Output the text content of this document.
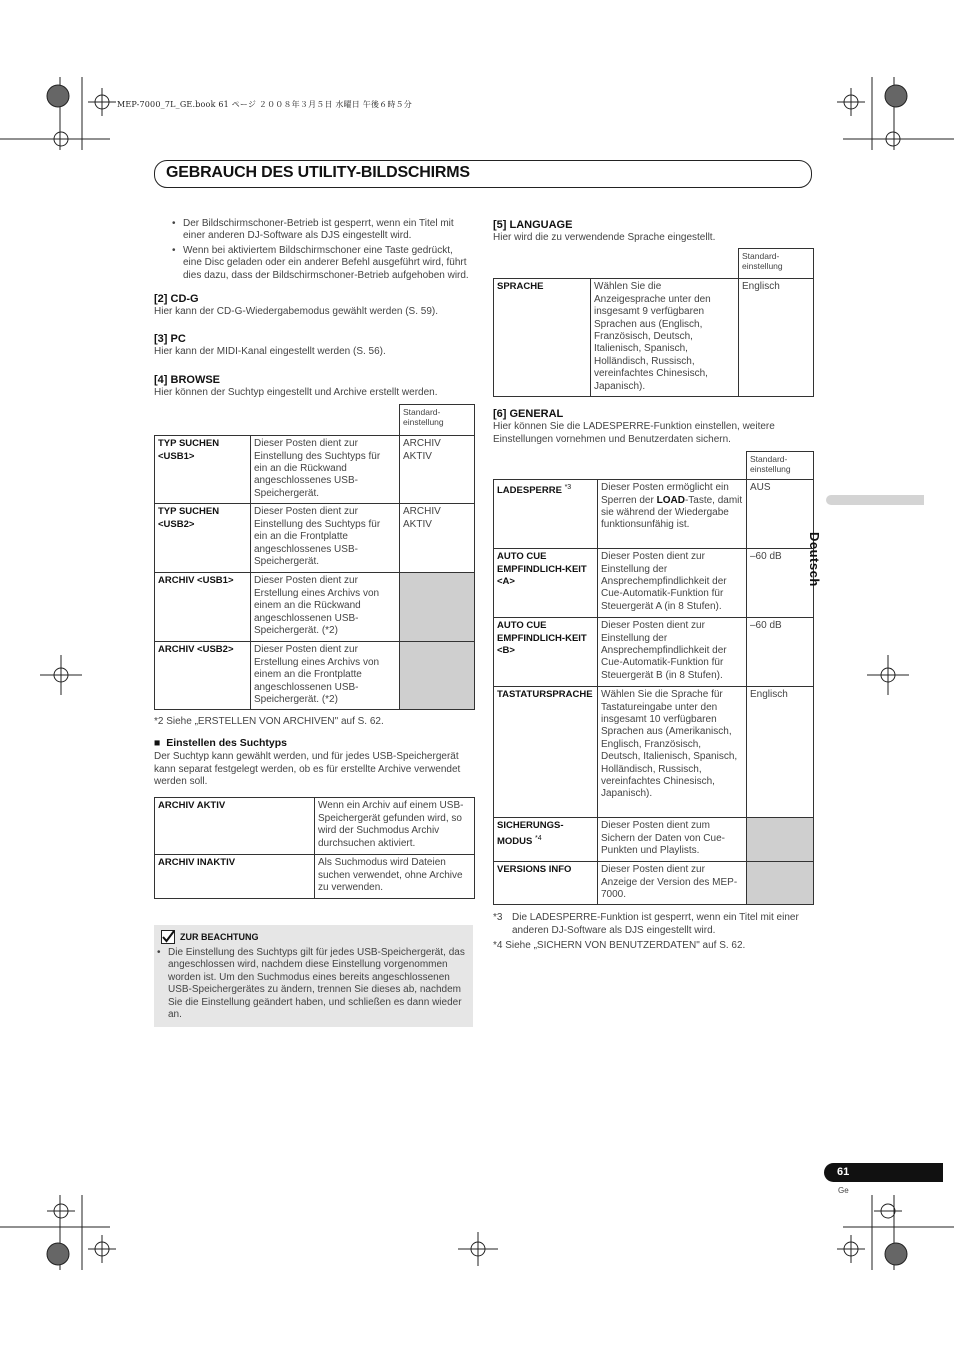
MEP-7000_7L_GE.book 61 ページ ２００８年３月５日 水曜日 午後６時５分
GEBRAUCH DES UTILITY-BILDSCHIRMS
• Der Bildschirmschoner-Betrieb ist gesperrt, wenn ein Titel mit einer anderen DJ-Software als DJS eingestellt wird.
• Wenn bei aktiviertem Bildschirmschoner eine Taste gedrückt, eine Disc geladen oder ein anderer Befehl ausgeführt wird, führt dies dazu, dass der Bildschirmschoner-Betrieb aufgehoben wird.
[2] CD-G

Hier kann der CD-G-Wiedergabemodus gewählt werden (S. 59).

[3] PC

Hier kann der MIDI-Kanal eingestellt werden (S. 56).

[4] BROWSE

Hier können der Suchtyp eingestellt und Archive erstellt werden.

		Standard-einstellung
TYP SUCHEN <USB1>	Dieser Posten dient zur Einstellung des Suchtyps für ein an die Rückwand angeschlossenes USB-Speichergerät.	ARCHIV AKTIV
TYP SUCHEN <USB2>	Dieser Posten dient zur Einstellung des Suchtyps für ein an die Frontplatte angeschlossenes USB-Speichergerät.	ARCHIV AKTIV
ARCHIV <USB1>	Dieser Posten dient zur Erstellung eines Archivs von einem an die Rückwand angeschlossenen USB-Speichergerät. (*2)	
ARCHIV <USB2>	Dieser Posten dient zur Erstellung eines Archivs von einem an die Frontplatte angeschlossenen USB-Speichergerät. (*2)	

*2 Siehe „ERSTELLEN VON ARCHIVEN" auf S. 62.

■  Einstellen des Suchtyps

Der Suchtyp kann gewählt werden, und für jedes USB-Speichergerät kann separat festgelegt werden, ob es für erstellte Archive verwendet werden soll.

ARCHIV AKTIV	Wenn ein Archiv auf einem USB-Speichergerät gefunden wird, so wird der Suchmodus Archiv durchsuchen aktiviert.
ARCHIV INAKTIV	Als Suchmodus wird Dateien suchen verwendet, ohne Archive zu verwenden.
ZUR BEACHTUNG
• Die Einstellung des Suchtyps gilt für jedes USB-Speichergerät, das angeschlossen wird, nachdem diese Einstellung vorgenommen worden ist. Um den Suchmodus eines bereits angeschlossenen USB-Speichergerätes zu ändern, trennen Sie dieses ab, nachdem Sie die Einstellung geändert haben, und schließen es dann wieder an.
[5] LANGUAGE

Hier wird die zu verwendende Sprache eingestellt.

		Standard-einstellung
SPRACHE	Wählen Sie die Anzeigesprache unter den insgesamt 9 verfügbaren Sprachen aus (Englisch, Französisch, Deutsch, Italienisch, Spanisch, Holländisch, Russisch, vereinfachtes Chinesisch, Japanisch).	Englisch
[6] GENERAL

Hier können Sie die LADESPERRE-Funktion einstellen, weitere Einstellungen vornehmen und Benutzerdaten sichern.

		Standard-einstellung
LADESPERRE $^{*3}$	Dieser Posten ermöglicht ein Sperren der LOAD-Taste, damit sie während der Wiedergabe funktionsunfähig ist.	AUS
AUTO CUE EMPFINDLICH-KEIT <A>	Dieser Posten dient zur Einstellung der Ansprechempfindlichkeit der Cue-Automatik-Funktion für Steuergerät A (in 8 Stufen).	–60 dB
AUTO CUE EMPFINDLICH-KEIT <B>	Dieser Posten dient zur Einstellung der Ansprechempfindlichkeit der Cue-Automatik-Funktion für Steuergerät B (in 8 Stufen).	–60 dB
TASTATURSPRACHE	Wählen Sie die Sprache für Tastatureingabe unter den insgesamt 10 verfügbaren Sprachen aus (Amerikanisch, Englisch, Französisch, Deutsch, Italienisch, Spanisch, Holländisch, Russisch, vereinfachtes Chinesisch, Japanisch).	Englisch
SICHERUNGS-MODUS $^{*4}$	Dieser Posten dient zum Sichern der Daten von Cue-Punkten und Playlists.	
VERSIONS INFO	Dieser Posten dient zur Anzeige der Version des MEP-7000.	
*3 Die LADESPERRE-Funktion ist gesperrt, wenn ein Titel mit einer anderen DJ-Software als DJS eingestellt wird.

*4 Siehe „SICHERN VON BENUTZERDATEN" auf S. 62.

Deutsch
61
Ge
